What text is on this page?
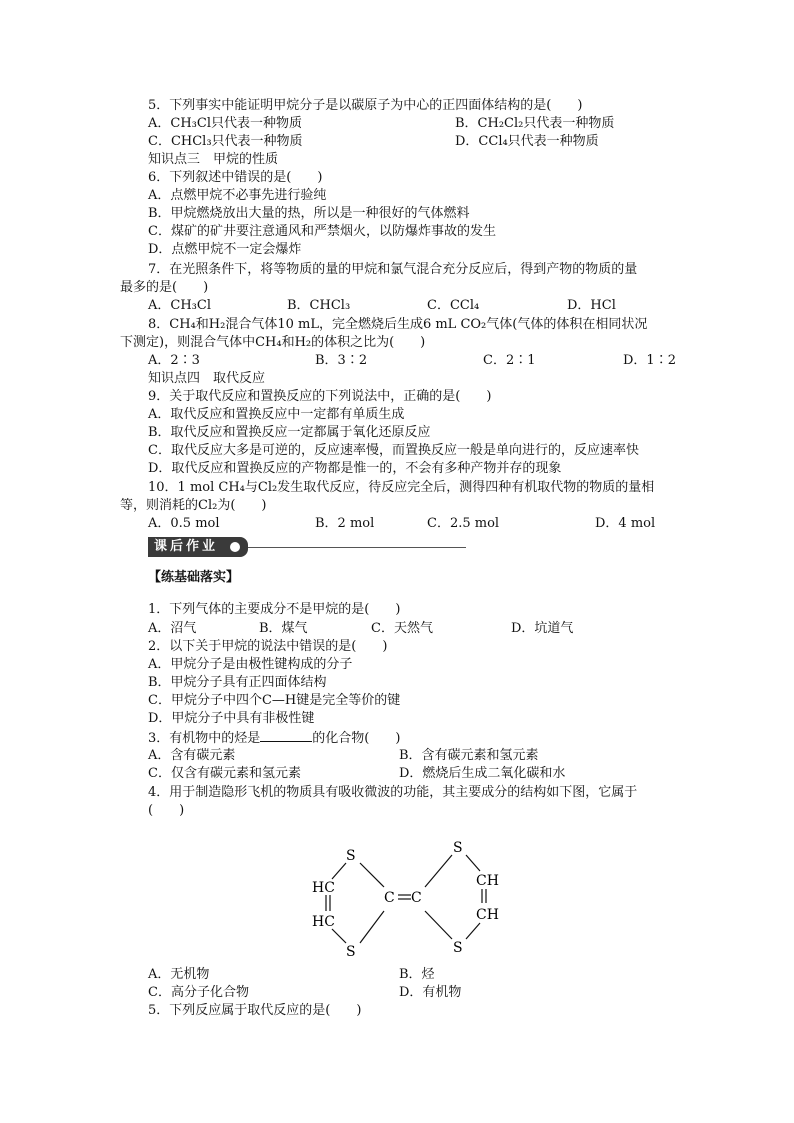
5．下列事实中能证明甲烷分子是以碳原子为中心的正四面体结构的是(　　)
A．CH₃Cl只代表一种物质	B．CH₂Cl₂只代表一种物质
C．CHCl₃只代表一种物质	D．CCl₄只代表一种物质
知识点三　甲烷的性质
6．下列叙述中错误的是(　　)
A．点燃甲烷不必事先进行验纯
B．甲烷燃烧放出大量的热，所以是一种很好的气体燃料
C．煤矿的矿井要注意通风和严禁烟火，以防爆炸事故的发生
D．点燃甲烷不一定会爆炸
7．在光照条件下，将等物质的量的甲烷和氯气混合充分反应后，得到产物的物质的量
最多的是(　　)
A．CH₃Cl	B．CHCl₃	C．CCl₄	D．HCl
8．CH₄和H₂混合气体10 mL，完全燃烧后生成6 mL CO₂气体(气体的体积在相同状况
下测定)，则混合气体中CH₄和H₂的体积之比为(　　)
A．2∶3	B．3∶2	C．2∶1	D．1∶2
知识点四　取代反应
9．关于取代反应和置换反应的下列说法中，正确的是(　　)
A．取代反应和置换反应中一定都有单质生成
B．取代反应和置换反应一定都属于氧化还原反应
C．取代反应大多是可逆的，反应速率慢，而置换反应一般是单向进行的，反应速率快
D．取代反应和置换反应的产物都是惟一的，不会有多种产物并存的现象
10．1 mol CH₄与Cl₂发生取代反应，待反应完全后，测得四种有机取代物的物质的量相
等，则消耗的Cl₂为(　　)
A．0.5 mol	B．2 mol	C．2.5 mol	D．4 mol
课后作业
【练基础落实】
1．下列气体的主要成分不是甲烷的是(　　)
A．沼气	B．煤气	C．天然气	D．坑道气
2．以下关于甲烷的说法中错误的是(　　)
A．甲烷分子是由极性键构成的分子
B．甲烷分子具有正四面体结构
C．甲烷分子中四个C—H键是完全等价的键
D．甲烷分子中具有非极性键
3．有机物中的烃是	的化合物(　　)
A．含有碳元素	B．含有碳元素和氢元素
C．仅含有碳元素和氢元素	D．燃烧后生成二氧化碳和水
4．用于制造隐形飞机的物质具有吸收微波的功能，其主要成分的结构如下图，它属于
(　　)
S
HC
HC
S
C C
S
CH
CH
S
A．无机物	B．烃
C．高分子化合物	D．有机物
5．下列反应属于取代反应的是(　　)
